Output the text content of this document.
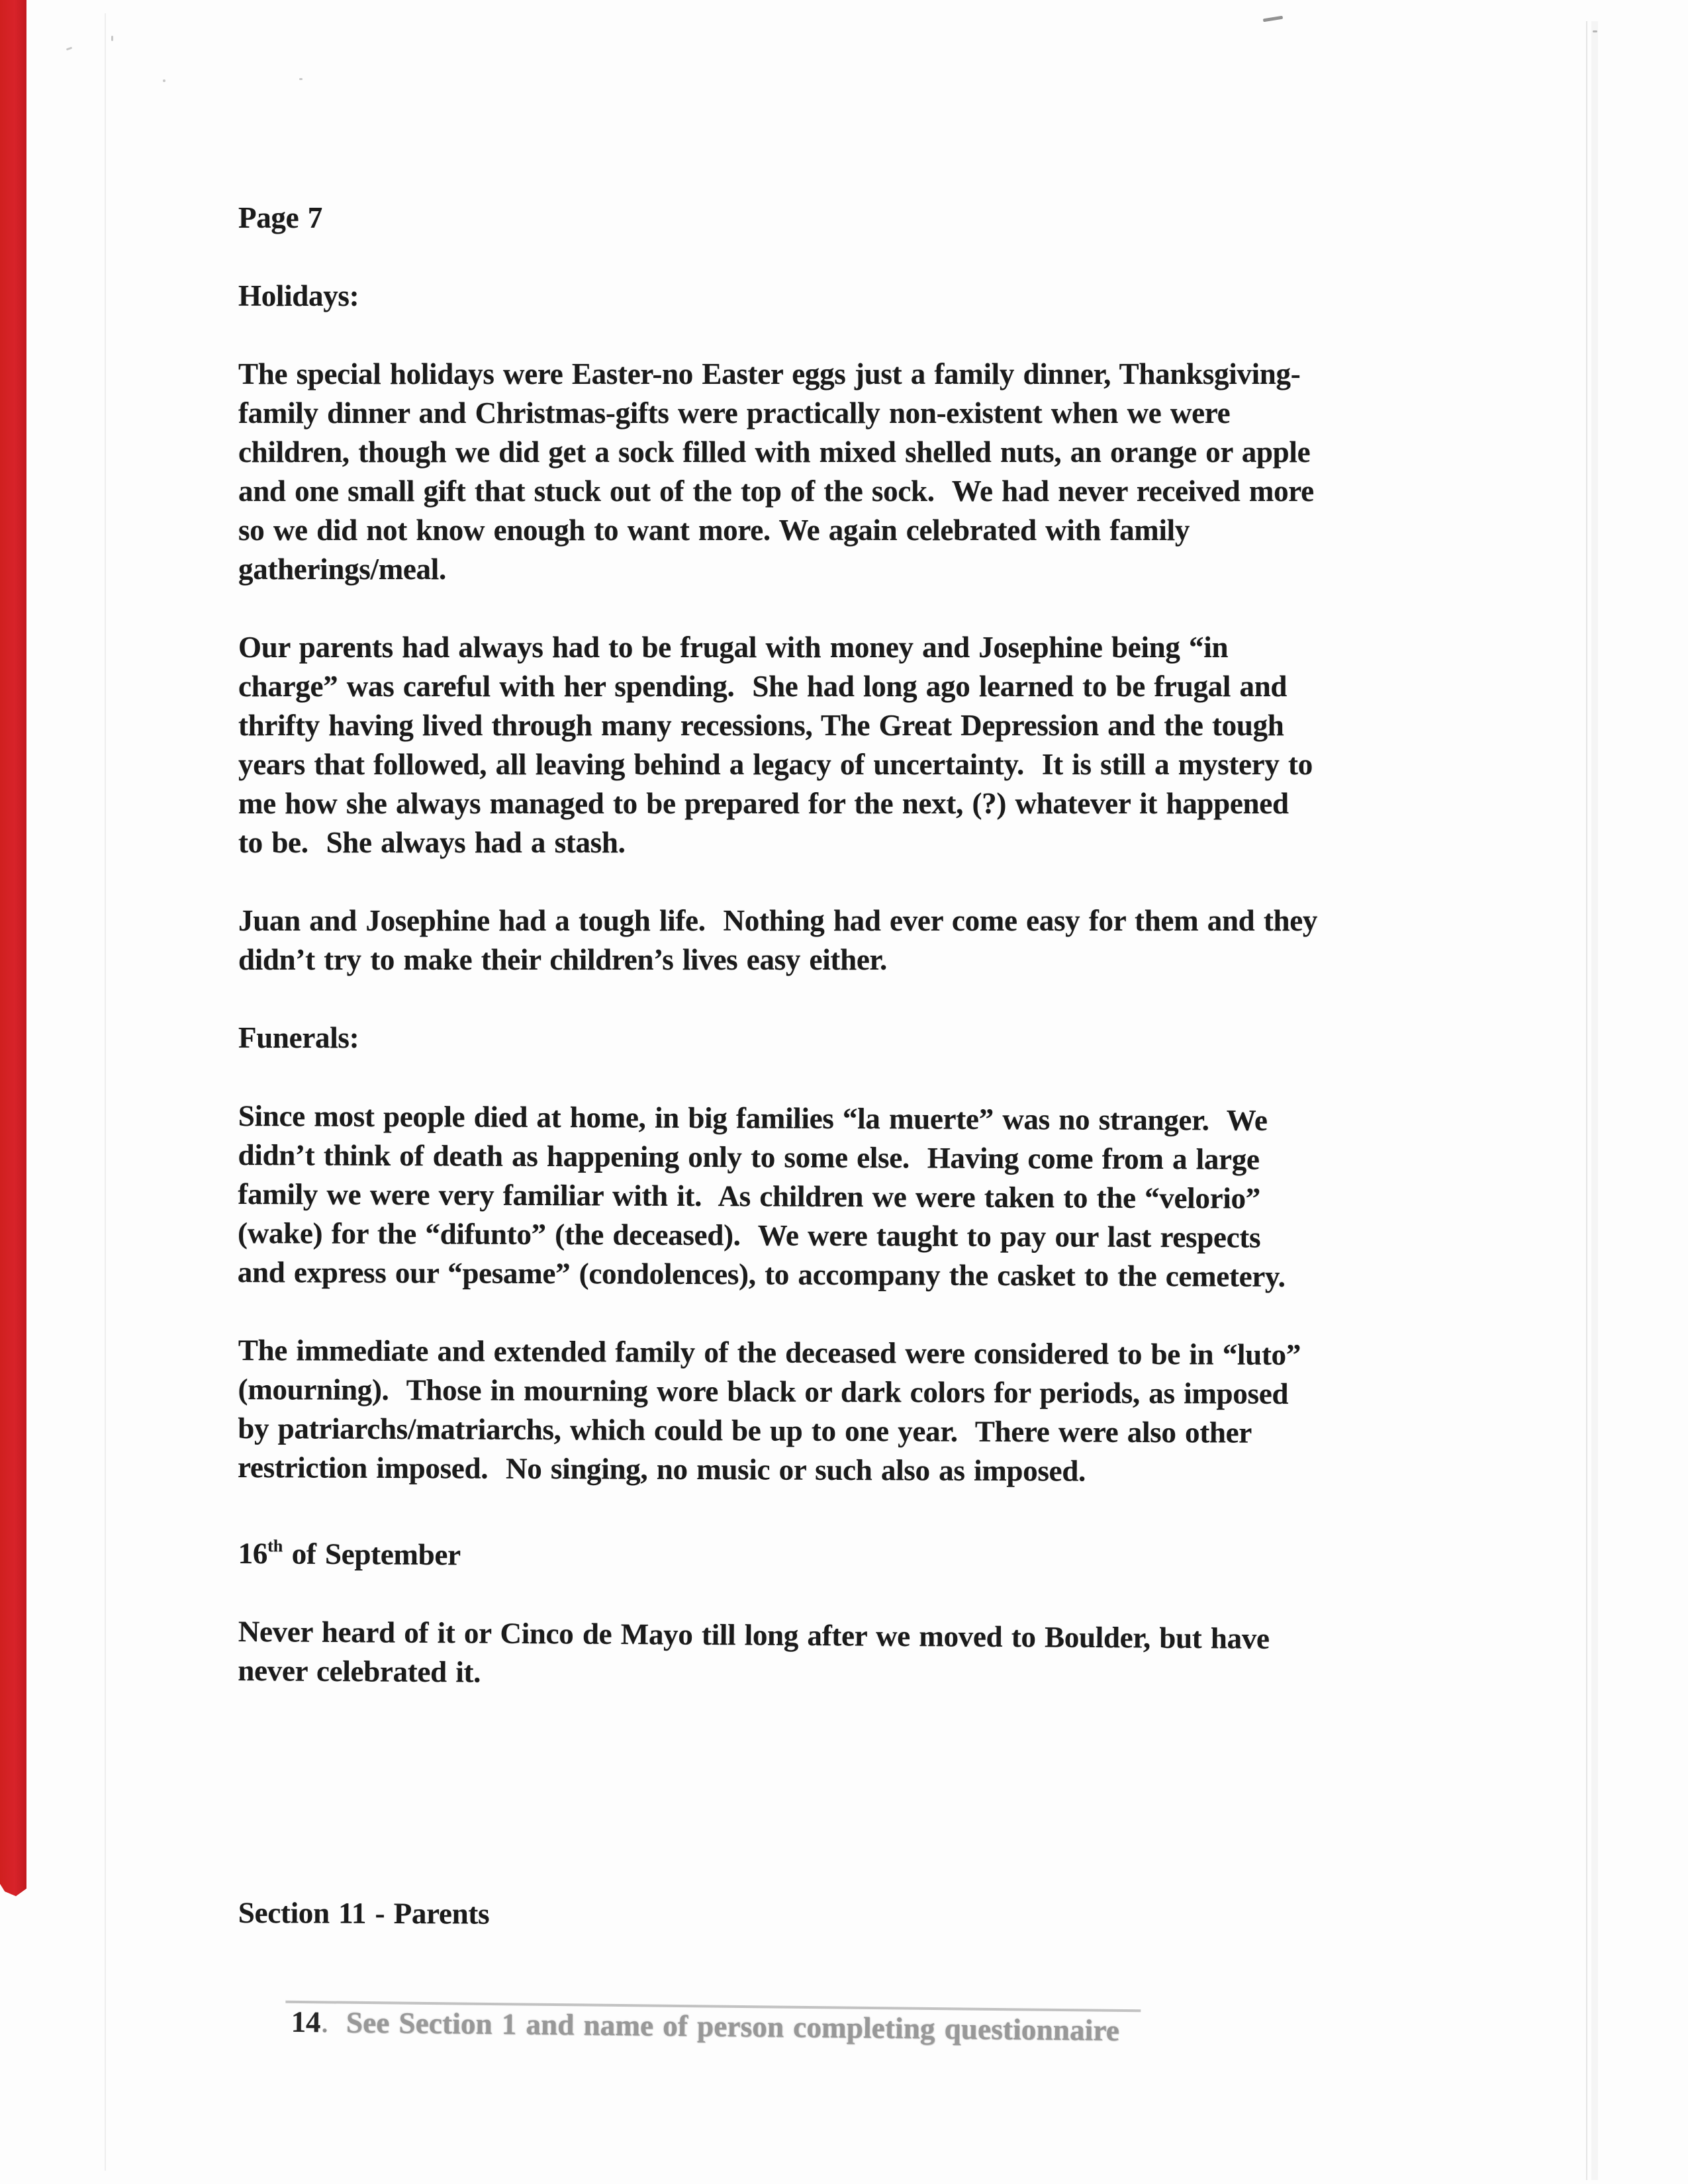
Page 7
Holidays:
The special holidays were Easter-no Easter eggs just a family dinner, Thanksgiving-
family dinner and Christmas-gifts were practically non-existent when we were
children, though we did get a sock filled with mixed shelled nuts, an orange or apple
and one small gift that stuck out of the top of the sock.  We had never received more
so we did not know enough to want more. We again celebrated with family
gatherings/meal.
Our parents had always had to be frugal with money and Josephine being “in
charge” was careful with her spending.  She had long ago learned to be frugal and
thrifty having lived through many recessions, The Great Depression and the tough
years that followed, all leaving behind a legacy of uncertainty.  It is still a mystery to
me how she always managed to be prepared for the next, (?) whatever it happened
to be.  She always had a stash.
Juan and Josephine had a tough life.  Nothing had ever come easy for them and they
didn’t try to make their children’s lives easy either.
Funerals:
Since most people died at home, in big families “la muerte” was no stranger.  We
didn’t think of death as happening only to some else.  Having come from a large
family we were very familiar with it.  As children we were taken to the “velorio”
(wake) for the “difunto” (the deceased).  We were taught to pay our last respects
and express our “pesame” (condolences), to accompany the casket to the cemetery.
The immediate and extended family of the deceased were considered to be in “luto”
(mourning).  Those in mourning wore black or dark colors for periods, as imposed
by patriarchs/matriarchs, which could be up to one year.  There were also other
restriction imposed.  No singing, no music or such also as imposed.
16th of September
Never heard of it or Cinco de Mayo till long after we moved to Boulder, but have
never celebrated it.
Section 11 - Parents

14. See Section 1 and name of person completing questionnaire
